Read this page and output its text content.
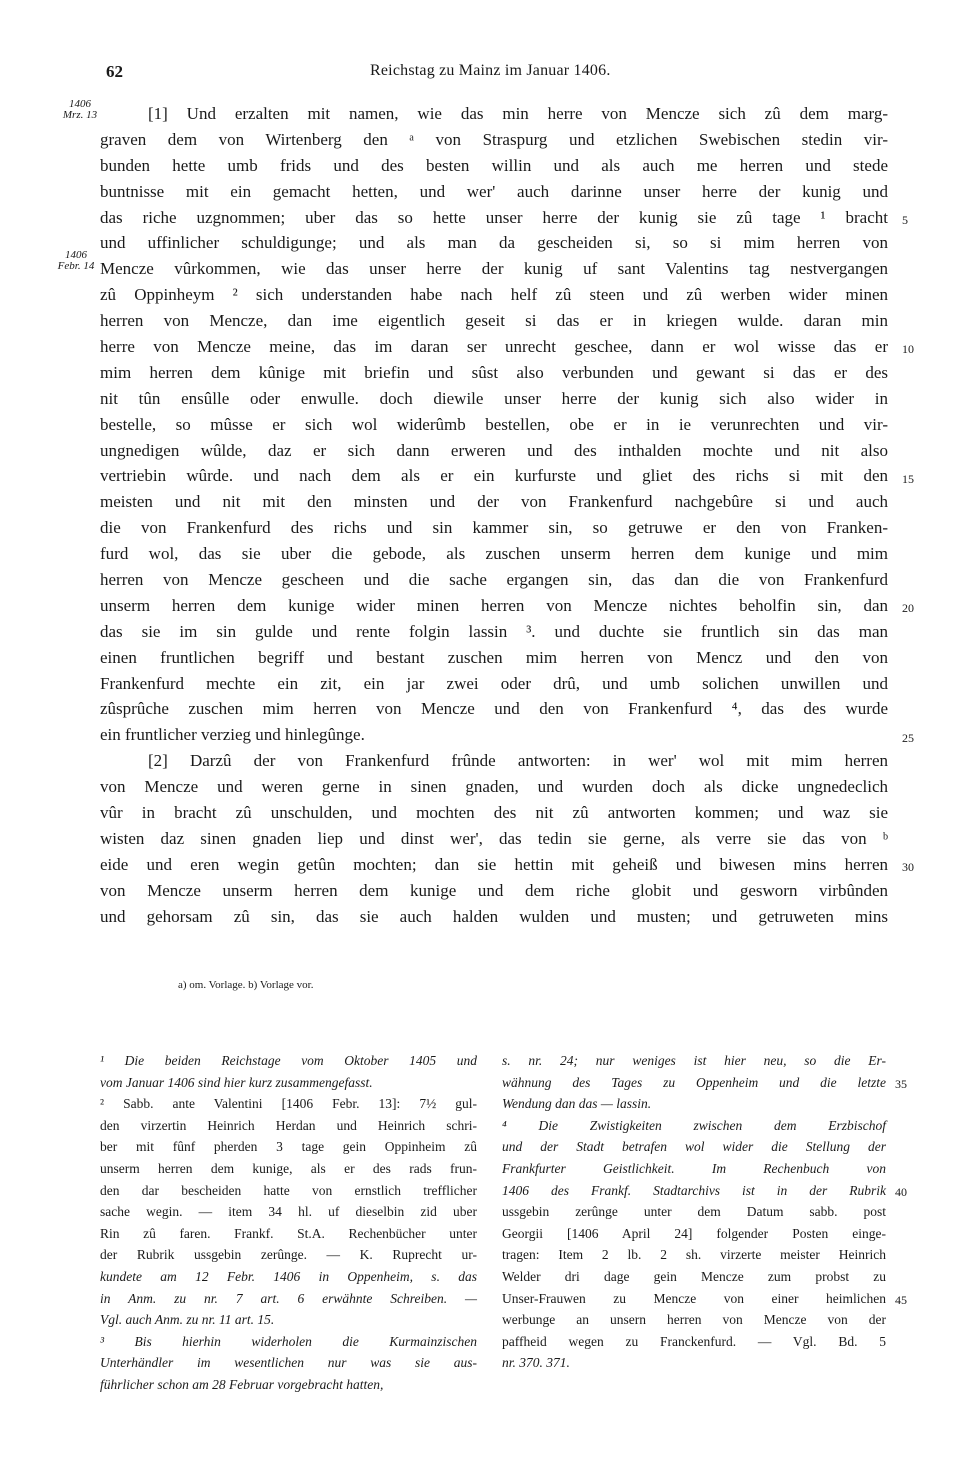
62	Reichstag zu Mainz im Januar 1406.
1406
Mrz. 13
1406
Febr. 14
[1] Und erzalten mit namen, wie das min herre von Mencze sich zû dem marg-
graven dem von Wirtenberg den ᵃ von Straspurg und etzlichen Swebischen stedin vir-
bunden hette umb frids und des besten willin und als auch me herren und stede
buntnisse mit ein gemacht hetten, und wer' auch darinne unser herre der kunig und
das riche uzgnommen; uber das so hette unser herre der kunig sie zû tage ¹ bracht
und uffinlicher schuldigunge; und als man da gescheiden si, so si mim herren von
Mencze vûrkommen, wie das unser herre der kunig uf sant Valentins tag nestvergangen
zû Oppinheym ² sich understanden habe nach helf zû steen und zû werben wider minen
herren von Mencze, dan ime eigentlich geseit si das er in kriegen wulde. daran min
herre von Mencze meine, das im daran ser unrecht geschee, dann er wol wisse das er
mim herren dem kûnige mit briefin und sûst also verbunden und gewant si das er des
nit tûn ensûlle oder enwulle. doch diewile unser herre der kunig sich also wider in
bestelle, so mûsse er sich wol widerûmb bestellen, obe er in ie verunrechten und vir-
ungnedigen wûlde, daz er sich dann erweren und des inthalden mochte und nit also
vertriebin wûrde. und nach dem als er ein kurfurste und gliet des richs si mit den
meisten und nit mit den minsten und der von Frankenfurd nachgebûre si und auch
die von Frankenfurd des richs und sin kammer sin, so getruwe er den von Franken-
furd wol, das sie uber die gebode, als zuschen unserm herren dem kunige und mim
herren von Mencze gescheen und die sache ergangen sin, das dan die von Frankenfurd
unserm herren dem kunige wider minen herren von Mencze nichtes beholfin sin, dan
das sie im sin gulde und rente folgin lassin ³. und duchte sie fruntlich sin das man
einen fruntlichen begriff und bestant zuschen mim herren von Mencz und den von
Frankenfurd mechte ein zit, ein jar zwei oder drû, und umb solichen unwillen und
zûsprûche zuschen mim herren von Mencze und den von Frankenfurd ⁴, das des wurde
ein fruntlicher verzieg und hinlegûnge.
[2] Darzû der von Frankenfurd frûnde antworten: in wer' wol mit mim herren
von Mencze und weren gerne in sinen gnaden, und wurden doch als dicke ungnedeclich
vûr in bracht zû unschulden, und mochten des nit zû antworten kommen; und waz sie
wisten daz sinen gnaden liep und dinst wer', das tedin sie gerne, als verre sie das von ᵇ
eide und eren wegin getûn mochten; dan sie hettin mit geheiß und biwesen mins herren
von Mencze unserm herren dem kunige und dem riche globit und gesworn virbûnden
und gehorsam zû sin, das sie auch halden wulden und musten; und getruweten mins
5
10
15
20
25
30
a) om. Vorlage. b) Vorlage vor.
¹ Die beiden Reichstage vom Oktober 1405 und
vom Januar 1406 sind hier kurz zusammengefasst.
² Sabb. ante Valentini [1406 Febr. 13]: 7½ gul-
den virzertin Heinrich Herdan und Heinrich schri-
ber mit fûnf pherden 3 tage gein Oppinheim zû
unserm herren dem kunige, als er des rads frun-
den dar bescheiden hatte von ernstlich trefflicher
sache wegin. — item 34 hl. uf dieselbin zid uber
Rin zû faren. Frankf. St.A. Rechenbücher unter
der Rubrik ussgebin zerûnge. — K. Ruprecht ur-
kundete am 12 Febr. 1406 in Oppenheim, s. das
in Anm. zu nr. 7 art. 6 erwähnte Schreiben. —
Vgl. auch Anm. zu nr. 11 art. 15.
³ Bis hierhin widerholen die Kurmainzischen
Unterhändler im wesentlichen nur was sie aus-
führlicher schon am 28 Februar vorgebracht hatten,
s. nr. 24; nur weniges ist hier neu, so die Er-
wähnung des Tages zu Oppenheim und die letzte
Wendung dan das — lassin.
⁴ Die Zwistigkeiten zwischen dem Erzbischof
und der Stadt betrafen wol wider die Stellung der
Frankfurter Geistlichkeit. Im Rechenbuch von
1406 des Frankf. Stadtarchivs ist in der Rubrik
ussgebin zerûnge unter dem Datum sabb. post
Georgii [1406 April 24] folgender Posten einge-
tragen: Item 2 lb. 2 sh. virzerte meister Heinrich
Welder dri dage gein Mencze zum probst zu
Unser-Frauwen zu Mencze von einer heimlichen
werbunge an unsern herren von Mencze von der
paffheid wegen zu Franckenfurd. — Vgl. Bd. 5
nr. 370. 371.
35
40
45
